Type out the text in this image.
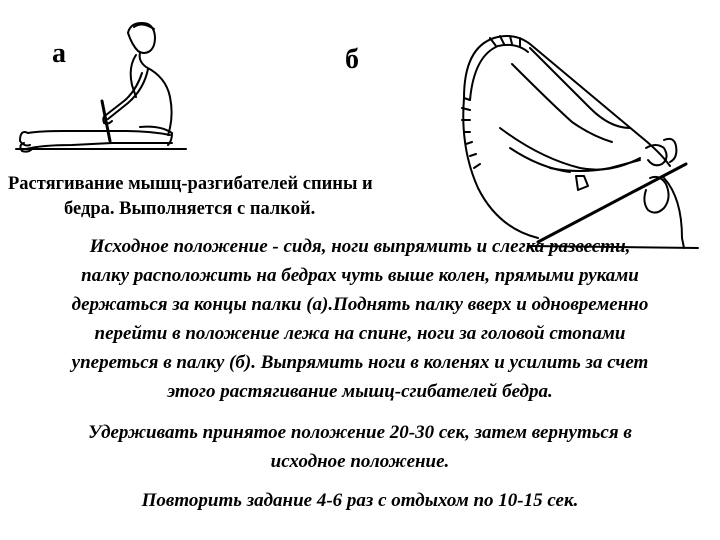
а	б
Растягивание мышц-разгибателей спины и
бедра. Выполняется с палкой.
Исходное положение - сидя, ноги выпрямить и слегка развести,
палку расположить на бедрах чуть выше колен, прямыми руками
держаться за концы палки (а).Поднять палку вверх и одновременно
перейти в положение лежа на спине, ноги за головой стопами
упереться в палку (б). Выпрямить ноги в коленях и усилить за счет
этого растягивание мышц-сгибателей бедра.
Удерживать принятое положение 20-30 сек, затем вернуться в
исходное положение.
Повторить задание 4-6 раз с отдыхом по 10-15 сек.
